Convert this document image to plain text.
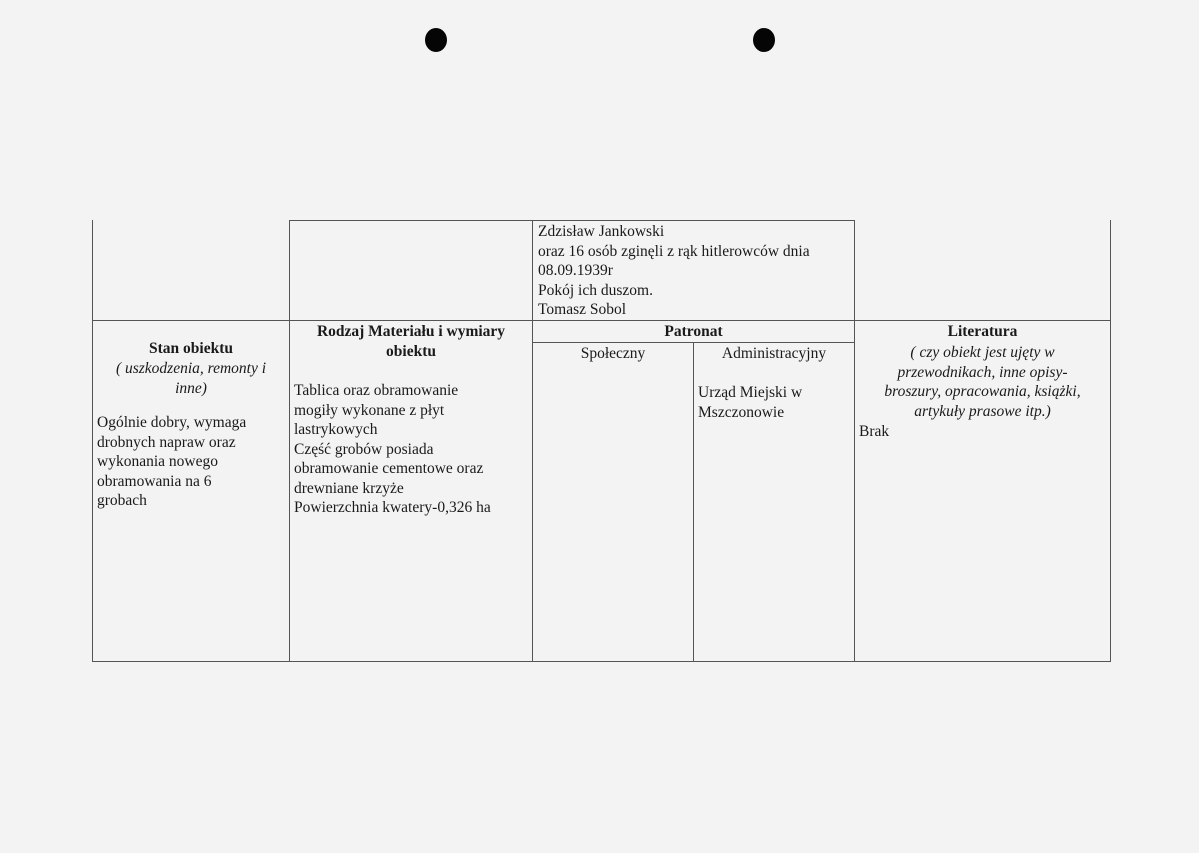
Zdzisław Jankowski
oraz 16 osób zginęli z rąk hitlerowców dnia
08.09.1939r
Pokój ich duszom.
Tomasz Sobol
Stan obiektu
( uszkodzenia, remonty i
inne)
Ogólnie dobry, wymaga
drobnych napraw oraz
wykonania nowego
obramowania na 6
grobach
Rodzaj Materiału i wymiary
obiektu
Tablica oraz obramowanie
mogiły wykonane z płyt
lastrykowych
Część grobów posiada
obramowanie cementowe oraz
drewniane krzyże
Powierzchnia kwatery-0,326 ha
Patronat
Społeczny	Administracyjny
Urząd Miejski w
Mszczonowie
Literatura
( czy obiekt jest ujęty w
przewodnikach, inne opisy-
broszury, opracowania, książki,
artykuły prasowe itp.)
Brak
